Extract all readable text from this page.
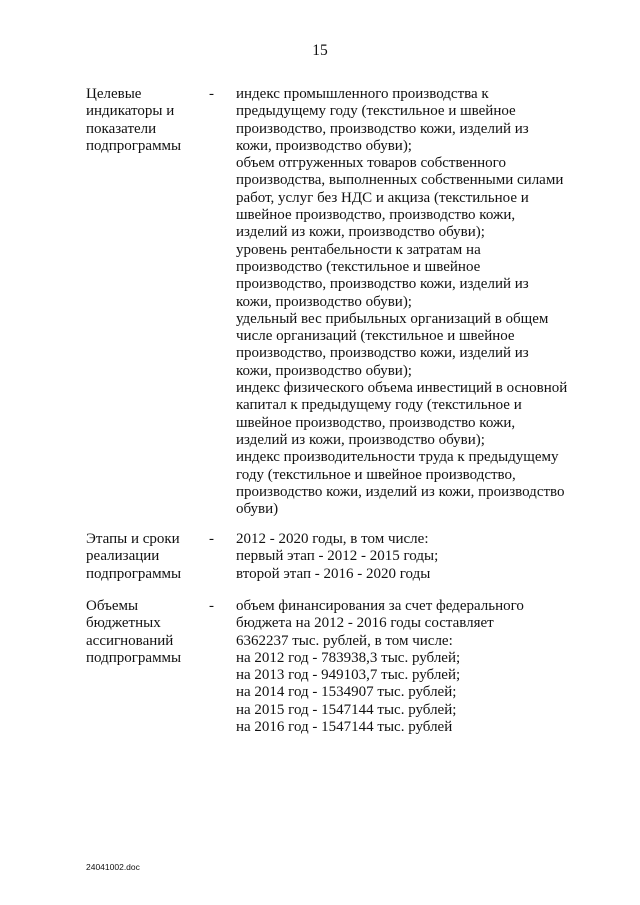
15
Целевые
индикаторы и
показатели
подпрограммы
- индекс промышленного производства к
предыдущему году (текстильное и швейное
производство, производство кожи, изделий из
кожи, производство обуви);
объем отгруженных товаров собственного
производства, выполненных собственными силами
работ, услуг без НДС и акциза (текстильное и
швейное производство, производство кожи,
изделий из кожи, производство обуви);
уровень рентабельности к затратам на
производство (текстильное и швейное
производство, производство кожи, изделий из
кожи, производство обуви);
удельный вес прибыльных организаций в общем
числе организаций (текстильное и швейное
производство, производство кожи, изделий из
кожи, производство обуви);
индекс физического объема инвестиций в основной
капитал к предыдущему году (текстильное и
швейное производство, производство кожи,
изделий из кожи, производство обуви);
индекс производительности труда к предыдущему
году (текстильное и швейное производство,
производство кожи, изделий из кожи, производство
обуви)
Этапы и сроки
реализации
подпрограммы
- 2012 - 2020 годы, в том числе:
первый этап - 2012 - 2015 годы;
второй этап - 2016 - 2020 годы
Объемы
бюджетных
ассигнований
подпрограммы
- объем финансирования за счет федерального
бюджета на 2012 - 2016 годы составляет
6362237 тыс. рублей, в том числе:
на 2012 год - 783938,3 тыс. рублей;
на 2013 год - 949103,7 тыс. рублей;
на 2014 год - 1534907 тыс. рублей;
на 2015 год - 1547144 тыс. рублей;
на 2016 год - 1547144 тыс. рублей
24041002.doc
